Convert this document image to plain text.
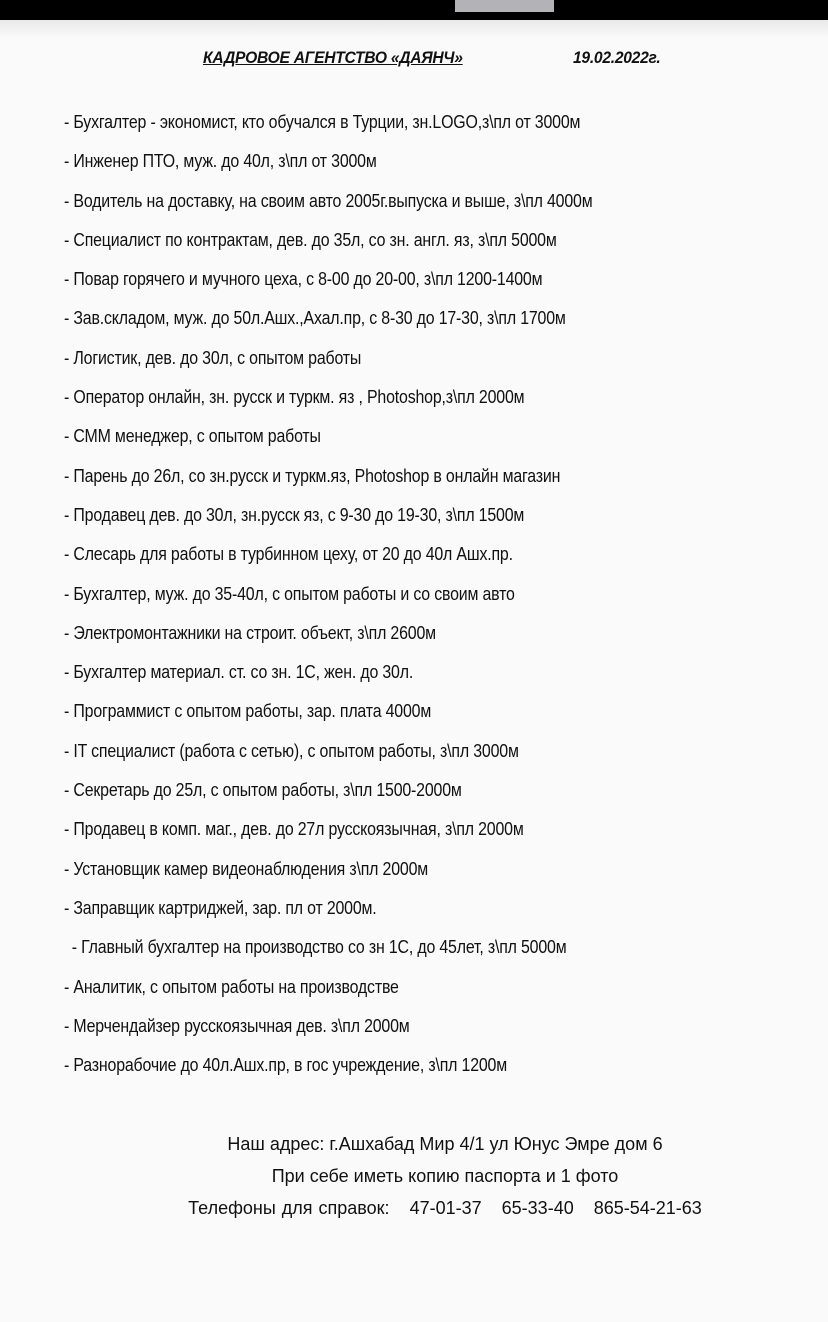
КАДРОВОЕ АГЕНТСТВО «ДАЯНЧ»	19.02.2022г.
- Бухгалтер - экономист, кто обучался в Турции, зн.LOGO,з\пл от 3000м
- Инженер ПТО, муж. до 40л, з\пл от 3000м
- Водитель на доставку, на своим авто 2005г.выпуска и выше, з\пл 4000м
- Специалист по контрактам, дев. до 35л, со зн. англ. яз, з\пл 5000м
- Повар горячего и мучного цеха, с 8-00 до 20-00, з\пл 1200-1400м
- Зав.складом, муж. до 50л.Ашх.,Ахал.пр, с 8-30 до 17-30, з\пл 1700м
- Логистик, дев. до 30л, с опытом работы
- Оператор онлайн, зн. русск и туркм. яз , Photoshop,з\пл 2000м
- СММ менеджер, с опытом работы
- Парень до 26л, со зн.русск и туркм.яз, Photoshop в онлайн магазин
- Продавец дев. до 30л, зн.русск яз, с 9-30 до 19-30, з\пл 1500м
- Слесарь для работы в турбинном цеху, от 20 до 40л Ашх.пр.
- Бухгалтер, муж. до 35-40л, с опытом работы и со своим авто
- Электромонтажники на строит. объект, з\пл 2600м
- Бухгалтер материал. ст. со зн. 1С, жен. до 30л.
- Программист с опытом работы, зар. плата 4000м
- IT специалист (работа с сетью), с опытом работы, з\пл 3000м
- Секретарь до 25л, с опытом работы, з\пл 1500-2000м
- Продавец в комп. маг., дев. до 27л русскоязычная, з\пл 2000м
- Установщик камер видеонаблюдения з\пл 2000м
- Заправщик картриджей, зар. пл от 2000м.
- Главный бухгалтер на производство со зн 1С, до 45лет, з\пл 5000м
- Аналитик, с опытом работы на производстве
- Мерчендайзер русскоязычная дев. з\пл 2000м
- Разнорабочие до 40л.Ашх.пр, в гос учреждение, з\пл 1200м
Наш адрес: г.Ашхабад Мир 4/1 ул Юнус Эмре дом 6
При себе иметь копию паспорта и 1 фото
Телефоны для справок: 47-01-37 65-33-40 865-54-21-63
